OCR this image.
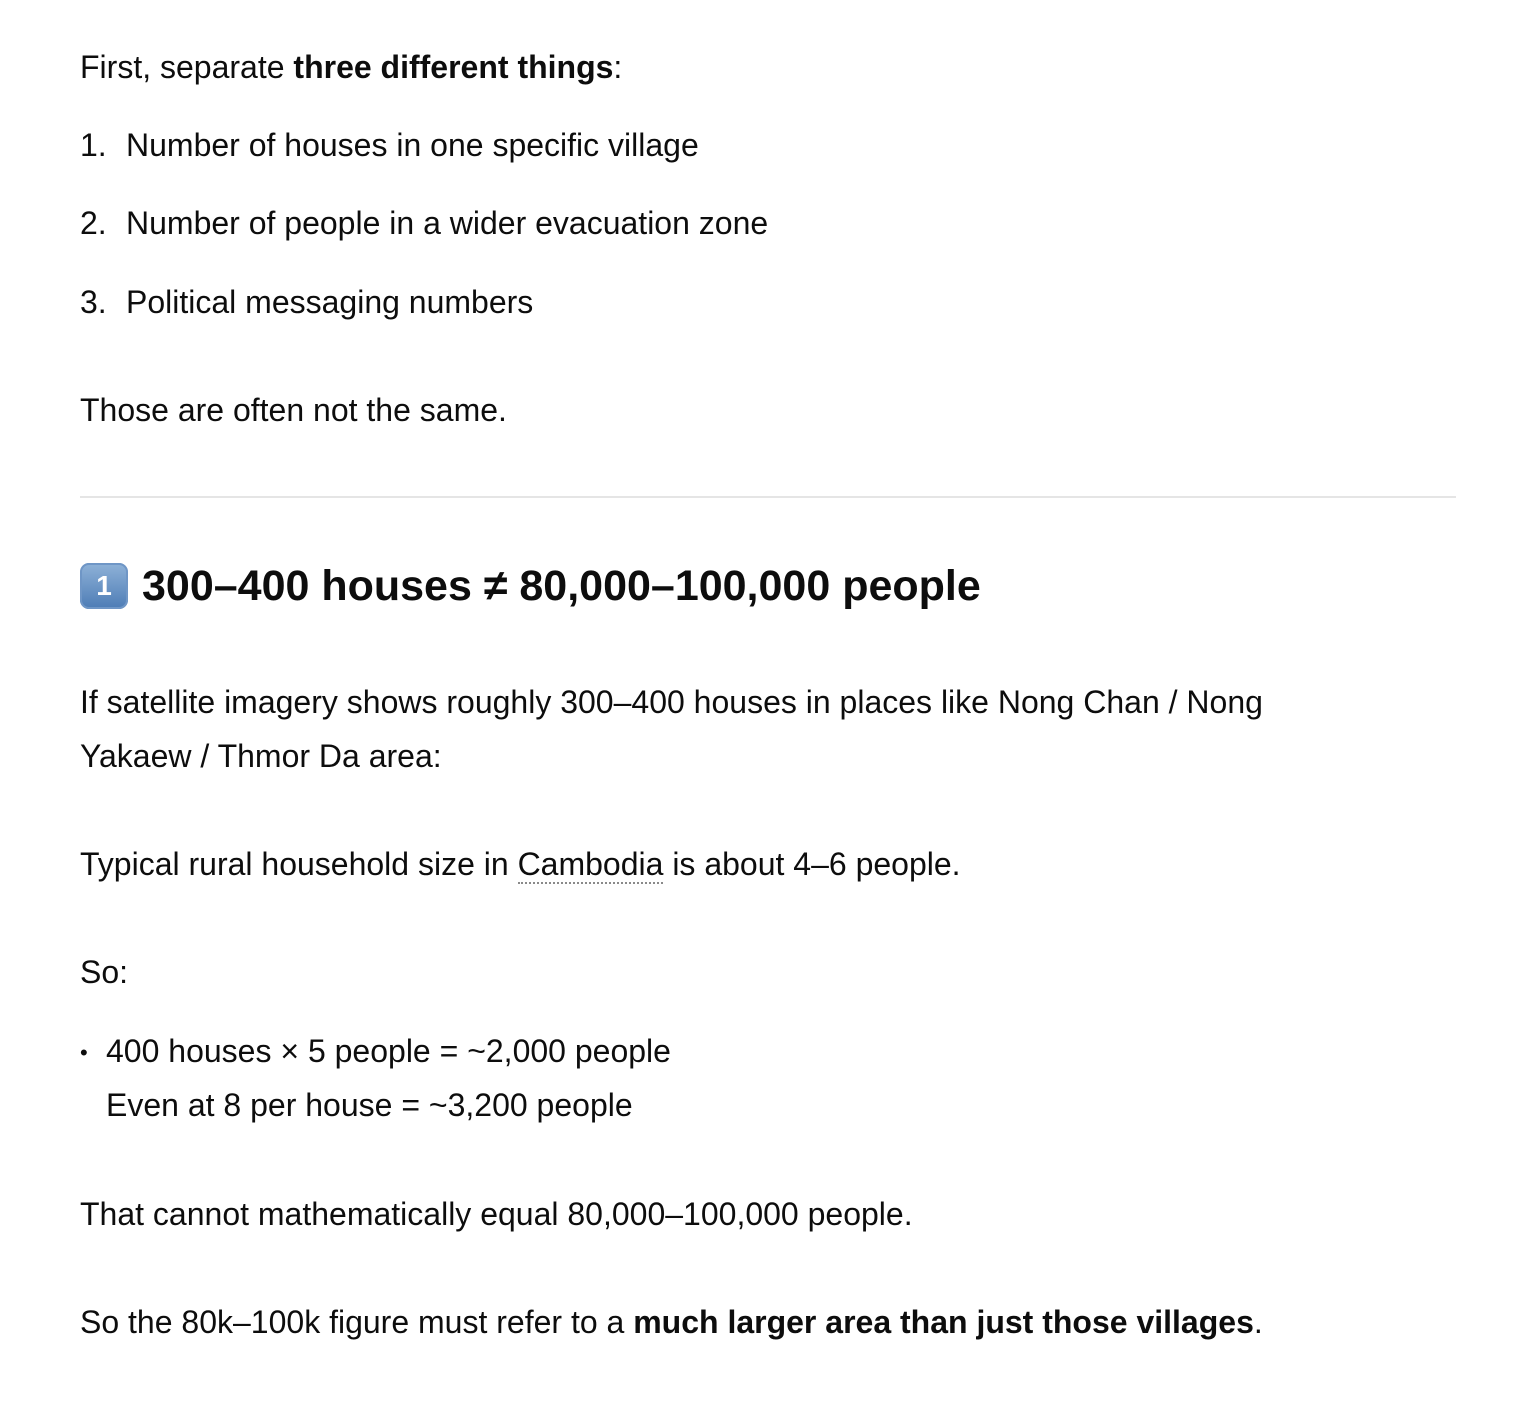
First, separate three different things:

1. Number of houses in one specific village
2. Number of people in a wider evacuation zone
3. Political messaging numbers

Those are often not the same.

1 300–400 houses ≠ 80,000–100,000 people

If satellite imagery shows roughly 300–400 houses in places like Nong Chan / Nong Yakaew / Thmor Da area:

Typical rural household size in Cambodia is about 4–6 people.

So:

• 400 houses × 5 people = ~2,000 people
Even at 8 per house = ~3,200 people

That cannot mathematically equal 80,000–100,000 people.

So the 80k–100k figure must refer to a much larger area than just those villages.
